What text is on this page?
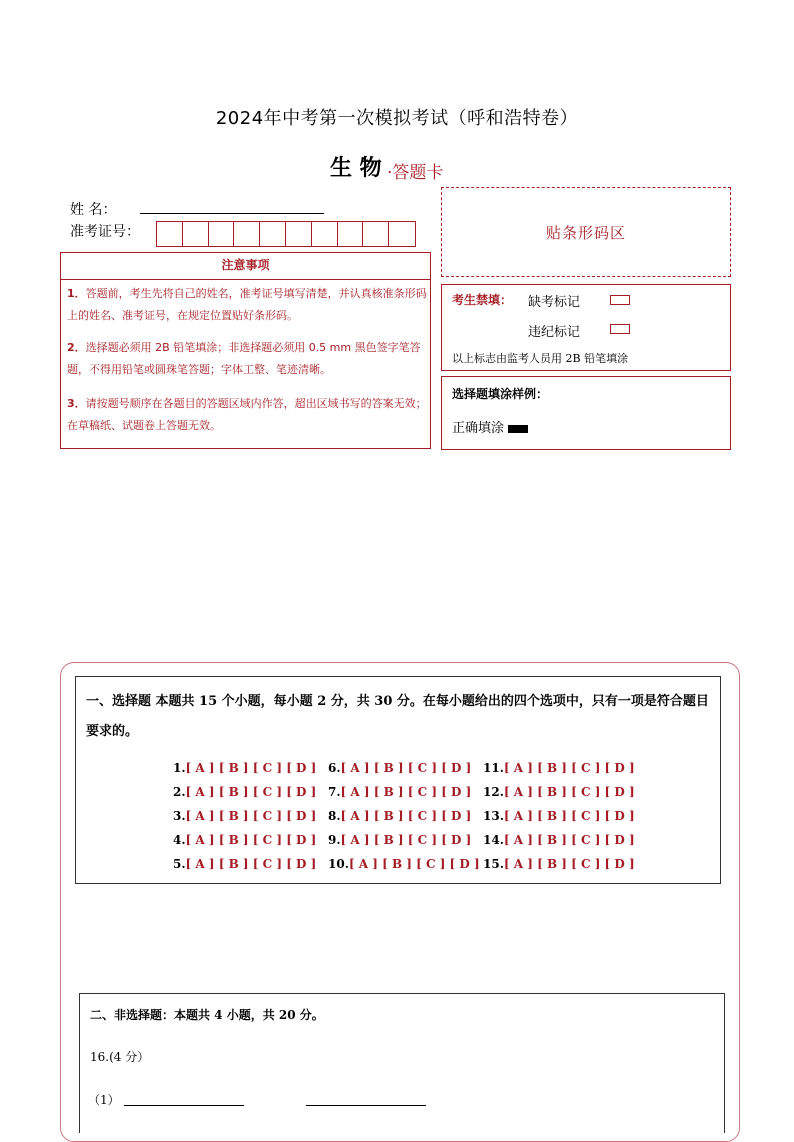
2024年中考第一次模拟考试（呼和浩特卷）
生 物 ·答题卡
姓 名：
准考证号：	贴条形码区
注意事项
1．答题前，考生先将自己的姓名，准考证号填写清楚，并认真核准条形码上的姓名、准考证号，在规定位置贴好条形码。
2．选择题必须用 2B 铅笔填涂；非选择题必须用 0.5 mm 黑色签字笔答题，不得用铅笔或圆珠笔答题；字体工整、笔迹清晰。
3．请按题号顺序在各题目的答题区域内作答，超出区域书写的答案无效；在草稿纸、试题卷上答题无效。
考生禁填： 缺考标记
违纪标记
以上标志由监考人员用 2B 铅笔填涂
选择题填涂样例：
正确填涂
一、选择题 本题共 15 个小题，每小题 2 分，共 30 分。在每小题给出的四个选项中，只有一项是符合题目要求的。
1.[ A ] [ B ] [ C ] [ D ]
2.[ A ] [ B ] [ C ] [ D ]
3.[ A ] [ B ] [ C ] [ D ]
4.[ A ] [ B ] [ C ] [ D ]
5.[ A ] [ B ] [ C ] [ D ]
6.[ A ] [ B ] [ C ] [ D ]
7.[ A ] [ B ] [ C ] [ D ]
8.[ A ] [ B ] [ C ] [ D ]
9.[ A ] [ B ] [ C ] [ D ]
10.[ A ] [ B ] [ C ] [ D ]
11.[ A ] [ B ] [ C ] [ D ]
12.[ A ] [ B ] [ C ] [ D ]
13.[ A ] [ B ] [ C ] [ D ]
14.[ A ] [ B ] [ C ] [ D ]
15.[ A ] [ B ] [ C ] [ D ]
二、非选择题：本题共 4 小题，共 20 分。
16.(4 分）
（1）
